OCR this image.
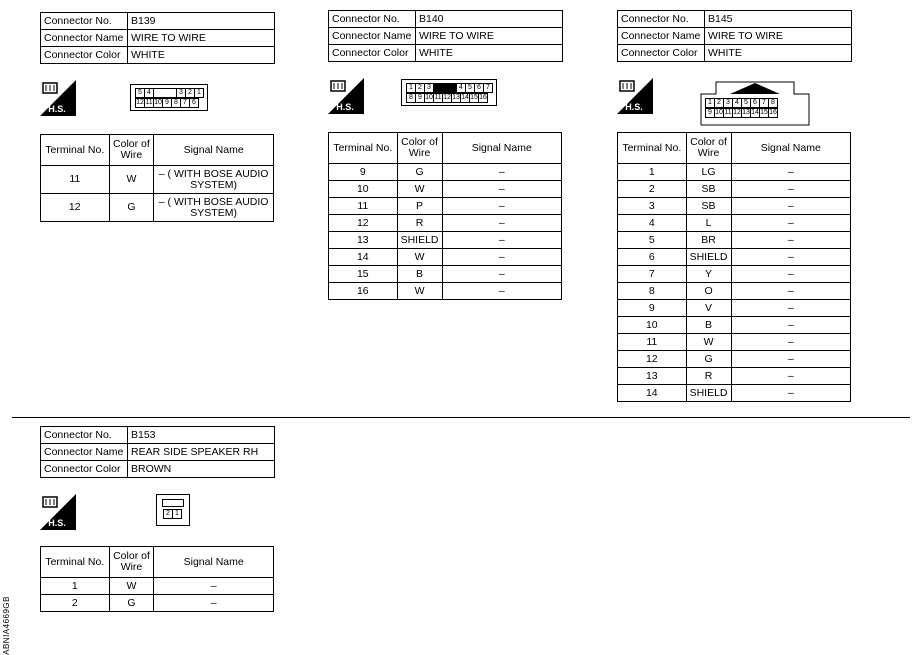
Connector No.	B139
Connector Name	WIRE TO WIRE
Connector Color	WHITE
H.S.
5 4	3 2 1
12 11 10 9 8 7 6
Terminal No.	Color of Wire	Signal Name
11	W	– ( WITH BOSE AUDIO SYSTEM)
12	G	– ( WITH BOSE AUDIO SYSTEM)
Connector No.	B140
Connector Name	WIRE TO WIRE
Connector Color	WHITE
H.S.
1 2 3	4 5 6 7
8 9 10 11 12 13 14 15 16
Terminal No.	Color of Wire	Signal Name
9	G	–
10	W	–
11	P	–
12	R	–
13	SHIELD	–
14	W	–
15	B	–
16	W	–
Connector No.	B145
Connector Name	WIRE TO WIRE
Connector Color	WHITE
H.S.	1 2 3 4 5 6 7 8
9 10 11 12 13 14 15 16
Terminal No.	Color of Wire	Signal Name
1	LG	–
2	SB	–
3	SB	–
4	L	–
5	BR	–
6	SHIELD	–
7	Y	–
8	O	–
9	V	–
10	B	–
11	W	–
12	G	–
13	R	–
14	SHIELD	–
Connector No.	B153
Connector Name	REAR SIDE SPEAKER RH
Connector Color	BROWN
H.S.
2 1
Terminal No.	Color of Wire	Signal Name
1	W	–
2	G	–
ABNIA4669GB
